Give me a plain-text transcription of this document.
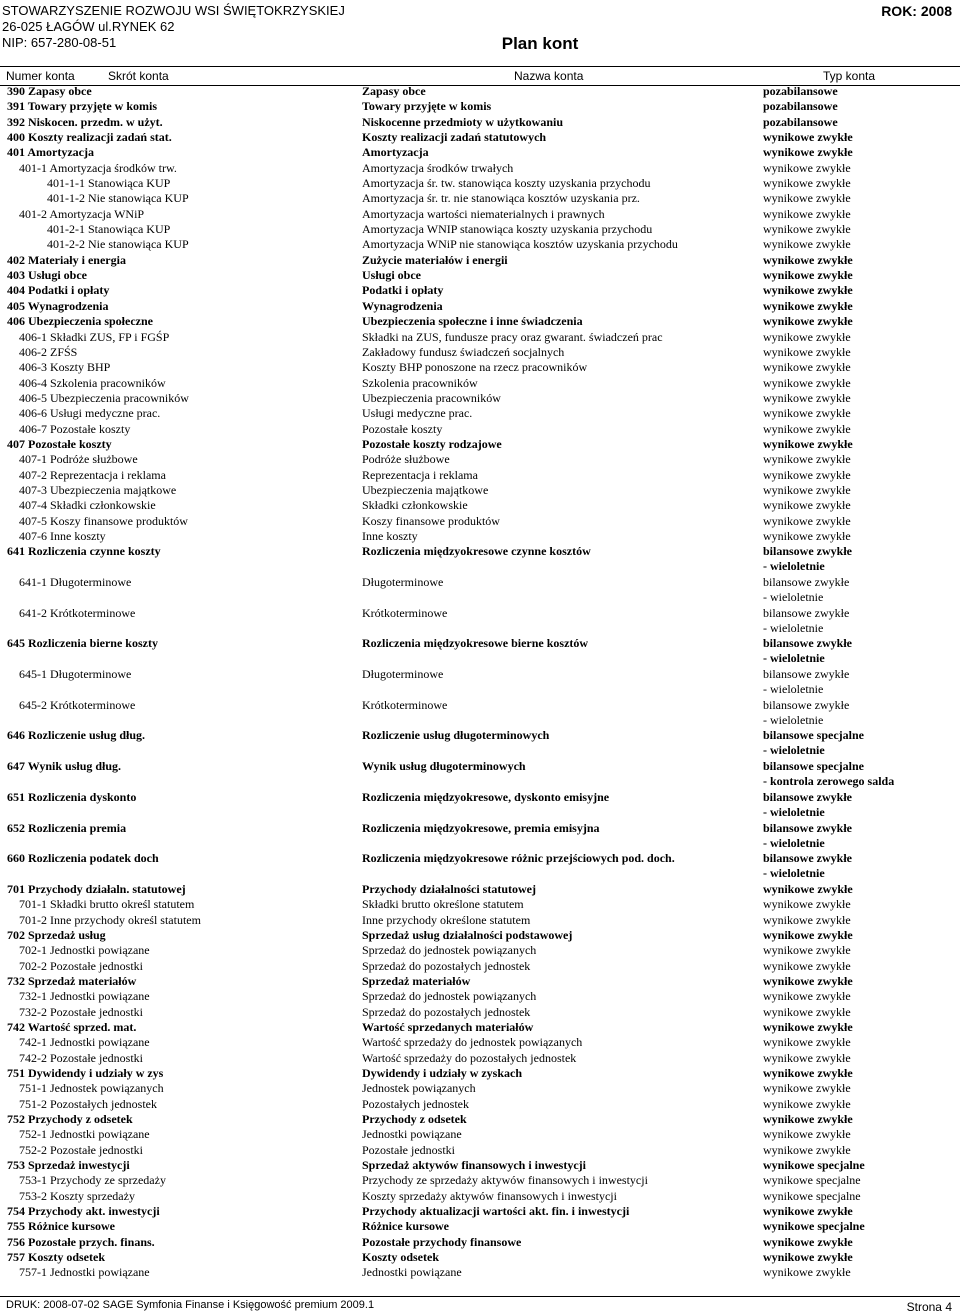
STOWARZYSZENIE ROZWOJU WSI ŚWIĘTOKRZYSKIEJ
26-025 ŁAGÓW ul.RYNEK 62
NIP: 657-280-08-51
ROK: 2008
Plan kont
Numer konta	Skrót konta	Nazwa konta	Typ konta
390 Zapasy obce	Zapasy obce	pozabilansowe
391 Towary przyjęte w komis	Towary przyjęte w komis	pozabilansowe
392 Niskocen. przedm. w użyt.	Niskocenne przedmioty w użytkowaniu	pozabilansowe
400 Koszty realizacji zadań stat.	Koszty realizacji zadań statutowych	wynikowe zwykłe
401 Amortyzacja	Amortyzacja	wynikowe zwykłe
401-1 Amortyzacja środków trw.	Amortyzacja środków trwałych	wynikowe zwykłe
401-1-1 Stanowiąca KUP	Amortyzacja śr. tw. stanowiąca koszty uzyskania przychodu	wynikowe zwykłe
401-1-2 Nie stanowiąca KUP	Amortyzacja śr. tr. nie stanowiąca kosztów uzyskania prz.	wynikowe zwykłe
401-2 Amortyzacja WNiP	Amortyzacja wartości niematerialnych i prawnych	wynikowe zwykłe
401-2-1 Stanowiąca KUP	Amortyzacja WNIP stanowiąca koszty uzyskania przychodu	wynikowe zwykłe
401-2-2 Nie stanowiąca KUP	Amortyzacja WNiP nie stanowiąca kosztów uzyskania przychodu	wynikowe zwykłe
402 Materiały i energia	Zużycie materiałów i energii	wynikowe zwykłe
403 Usługi obce	Usługi obce	wynikowe zwykłe
404 Podatki i opłaty	Podatki i opłaty	wynikowe zwykłe
405 Wynagrodzenia	Wynagrodzenia	wynikowe zwykłe
406 Ubezpieczenia społeczne	Ubezpieczenia społeczne i inne świadczenia	wynikowe zwykłe
406-1 Składki ZUS, FP i FGŚP	Składki na ZUS, fundusze pracy oraz gwarant. świadczeń prac	wynikowe zwykłe
406-2 ZFŚS	Zakładowy fundusz świadczeń socjalnych	wynikowe zwykłe
406-3 Koszty BHP	Koszty BHP ponoszone na rzecz pracowników	wynikowe zwykłe
406-4 Szkolenia pracowników	Szkolenia pracowników	wynikowe zwykłe
406-5 Ubezpieczenia pracowników	Ubezpieczenia pracowników	wynikowe zwykłe
406-6 Usługi medyczne prac.	Usługi medyczne prac.	wynikowe zwykłe
406-7 Pozostałe koszty	Pozostałe koszty	wynikowe zwykłe
407 Pozostałe koszty	Pozostałe koszty rodzajowe	wynikowe zwykłe
407-1 Podróże służbowe	Podróże służbowe	wynikowe zwykłe
407-2 Reprezentacja i reklama	Reprezentacja i reklama	wynikowe zwykłe
407-3 Ubezpieczenia majątkowe	Ubezpieczenia majątkowe	wynikowe zwykłe
407-4 Składki członkowskie	Składki członkowskie	wynikowe zwykłe
407-5 Koszy finansowe produktów	Koszy finansowe produktów	wynikowe zwykłe
407-6 Inne koszty	Inne koszty	wynikowe zwykłe
641 Rozliczenia czynne koszty	Rozliczenia międzyokresowe czynne kosztów	bilansowe zwykłe
- wieloletnie
641-1 Długoterminowe	Długoterminowe	bilansowe zwykłe
- wieloletnie
641-2 Krótkoterminowe	Krótkoterminowe	bilansowe zwykłe
- wieloletnie
645 Rozliczenia bierne koszty	Rozliczenia międzyokresowe bierne kosztów	bilansowe zwykłe
- wieloletnie
645-1 Długoterminowe	Długoterminowe	bilansowe zwykłe
- wieloletnie
645-2 Krótkoterminowe	Krótkoterminowe	bilansowe zwykłe
- wieloletnie
646 Rozliczenie usług dług.	Rozliczenie usług długoterminowych	bilansowe specjalne
- wieloletnie
647 Wynik usług dług.	Wynik usług długoterminowych	bilansowe specjalne
- kontrola zerowego salda
651 Rozliczenia dyskonto	Rozliczenia międzyokresowe, dyskonto emisyjne	bilansowe zwykłe
- wieloletnie
652 Rozliczenia premia	Rozliczenia międzyokresowe, premia emisyjna	bilansowe zwykłe
- wieloletnie
660 Rozliczenia podatek doch	Rozliczenia międzyokresowe różnic przejściowych pod. doch.	bilansowe zwykłe
- wieloletnie
701 Przychody działaln. statutowej	Przychody działalności statutowej	wynikowe zwykłe
701-1 Składki brutto określ statutem	Składki brutto określone statutem	wynikowe zwykłe
701-2 Inne przychody określ statutem	Inne przychody określone statutem	wynikowe zwykłe
702 Sprzedaż usług	Sprzedaż usług działalności podstawowej	wynikowe zwykłe
702-1 Jednostki powiązane	Sprzedaż do jednostek powiązanych	wynikowe zwykłe
702-2 Pozostałe jednostki	Sprzedaż do pozostałych jednostek	wynikowe zwykłe
732 Sprzedaż materiałów	Sprzedaż materiałów	wynikowe zwykłe
732-1 Jednostki powiązane	Sprzedaż do jednostek powiązanych	wynikowe zwykłe
732-2 Pozostałe jednostki	Sprzedaż do pozostałych jednostek	wynikowe zwykłe
742 Wartość sprzed. mat.	Wartość sprzedanych materiałów	wynikowe zwykłe
742-1 Jednostki powiązane	Wartość sprzedaży do jednostek powiązanych	wynikowe zwykłe
742-2 Pozostałe jednostki	Wartość sprzedaży do pozostałych jednostek	wynikowe zwykłe
751 Dywidendy i udziały w zys	Dywidendy i udziały w zyskach	wynikowe zwykłe
751-1 Jednostek powiązanych	Jednostek powiązanych	wynikowe zwykłe
751-2 Pozostałych jednostek	Pozostałych jednostek	wynikowe zwykłe
752 Przychody z odsetek	Przychody z odsetek	wynikowe zwykłe
752-1 Jednostki powiązane	Jednostki powiązane	wynikowe zwykłe
752-2 Pozostałe jednostki	Pozostałe jednostki	wynikowe zwykłe
753 Sprzedaż inwestycji	Sprzedaż aktywów finansowych i inwestycji	wynikowe specjalne
753-1 Przychody ze sprzedaży	Przychody ze sprzedaży aktywów finansowych i inwestycji	wynikowe specjalne
753-2 Koszty sprzedaży	Koszty sprzedaży aktywów finansowych i inwestycji	wynikowe specjalne
754 Przychody akt. inwestycji	Przychody aktualizacji wartości akt. fin. i inwestycji	wynikowe zwykłe
755 Różnice kursowe	Różnice kursowe	wynikowe specjalne
756 Pozostałe przych. finans.	Pozostałe przychody finansowe	wynikowe zwykłe
757 Koszty odsetek	Koszty odsetek	wynikowe zwykłe
757-1 Jednostki powiązane	Jednostki powiązane	wynikowe zwykłe
DRUK: 2008-07-02 SAGE Symfonia Finanse i Księgowość premium 2009.1	Strona 4
